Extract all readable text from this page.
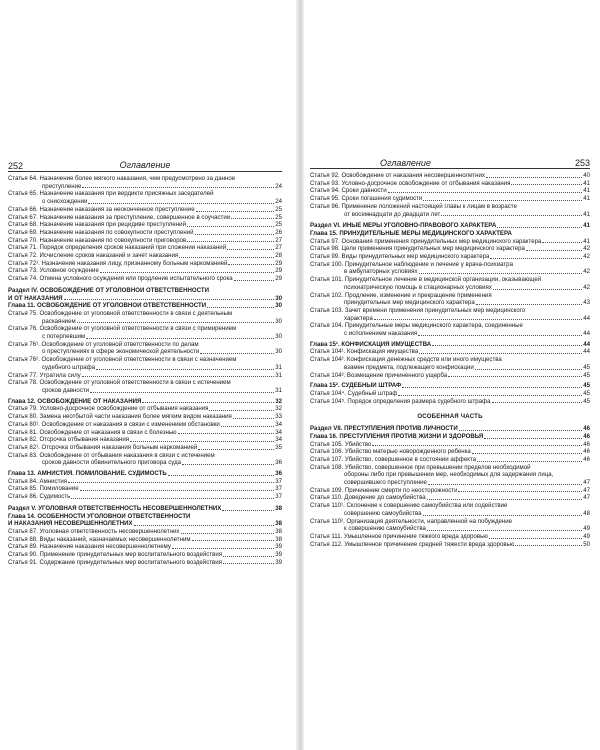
252	Оглавление
Статья 64. Назначение более мягкого наказания, чем предусмотрено за данное
преступление	24
Статья 65. Назначение наказания при вердикте присяжных заседателей
о снисхождении	24
Статья 66. Назначение наказания за неоконченное преступление	25
Статья 67. Назначение наказания за преступление, совершенное в соучастии	25
Статья 68. Назначение наказания при рецидиве преступлений	25
Статья 69. Назначение наказания по совокупности преступлений	26
Статья 70. Назначение наказания по совокупности приговоров	27
Статья 71. Порядок определения сроков наказаний при сложении наказаний	27
Статья 72. Исчисление сроков наказаний и зачет наказания	28
Статья 72¹. Назначение наказания лицу, признанному больным наркоманией	29
Статья 73. Условное осуждение	29
Статья 74. Отмена условного осуждения или продление испытательного срока	29
Раздел IV. ОСВОБОЖДЕНИЕ ОТ УГОЛОВНОЙ ОТВЕТСТВЕННОСТИ
И ОТ НАКАЗАНИЯ	30
Глава 11. ОСВОБОЖДЕНИЕ ОТ УГОЛОВНОЙ ОТВЕТСТВЕННОСТИ	30
Статья 75. Освобождение от уголовной ответственности в связи с деятельным
раскаянием	30
Статья 76. Освобождение от уголовной ответственности в связи с примирением
с потерпевшим	30
Статья 76¹. Освобождение от уголовной ответственности по делам
о преступлениях в сфере экономической деятельности	30
Статья 76². Освобождение от уголовной ответственности в связи с назначением
судебного штрафа	31
Статья 77. Утратила силу	31
Статья 78. Освобождение от уголовной ответственности в связи с истечением
сроков давности	31
Глава 12. ОСВОБОЖДЕНИЕ ОТ НАКАЗАНИЯ	32
Статья 79. Условно-досрочное освобождение от отбывания наказания	32
Статья 80. Замена неотбытой части наказания более мягким видом наказания	33
Статья 80¹. Освобождение от наказания в связи с изменением обстановки	34
Статья 81. Освобождение от наказания в связи с болезнью	34
Статья 82. Отсрочка отбывания наказания	34
Статья 82¹. Отсрочка отбывания наказания больным наркоманией	35
Статья 83. Освобождение от отбывания наказания в связи с истечением
сроков давности обвинительного приговора суда	36
Глава 13. АМНИСТИЯ. ПОМИЛОВАНИЕ. СУДИМОСТЬ	36
Статья 84. Амнистия	37
Статья 85. Помилование	37
Статья 86. Судимость	37
Раздел V. УГОЛОВНАЯ ОТВЕТСТВЕННОСТЬ НЕСОВЕРШЕННОЛЕТНИХ	38
Глава 14. ОСОБЕННОСТИ УГОЛОВНОЙ ОТВЕТСТВЕННОСТИ
И НАКАЗАНИЯ НЕСОВЕРШЕННОЛЕТНИХ	38
Статья 87. Уголовная ответственность несовершеннолетних	38
Статья 88. Виды наказаний, назначаемых несовершеннолетним	38
Статья 89. Назначение наказания несовершеннолетнему	39
Статья 90. Применение принудительных мер воспитательного воздействия	39
Статья 91. Содержание принудительных мер воспитательного воздействия	39
Оглавление	253
Статья 92. Освобождение от наказания несовершеннолетних	40
Статья 93. Условно-досрочное освобождение от отбывания наказания	41
Статья 94. Сроки давности	41
Статья 95. Сроки погашения судимости	41
Статья 96. Применение положений настоящей главы к лицам в возрасте
от восемнадцати до двадцати лет	41
Раздел VI. ИНЫЕ МЕРЫ УГОЛОВНО-ПРАВОВОГО ХАРАКТЕРА	41
Глава 15. ПРИНУДИТЕЛЬНЫЕ МЕРЫ МЕДИЦИНСКОГО ХАРАКТЕРА
Статья 97. Основания применения принудительных мер медицинского характера	41
Статья 98. Цели применения принудительных мер медицинского характера	42
Статья 99. Виды принудительных мер медицинского характера	42
Статья 100. Принудительное наблюдение и лечение у врача-психиатра
в амбулаторных условиях	42
Статья 101. Принудительное лечение в медицинской организации, оказывающей
психиатрическую помощь в стационарных условиях	42
Статья 102. Продление, изменение и прекращение применения
принудительных мер медицинского характера	43
Статья 103. Зачет времени применения принудительных мер медицинского
характера	44
Статья 104. Принудительные меры медицинского характера, соединенные
с исполнением наказания	44
Глава 15¹. КОНФИСКАЦИЯ ИМУЩЕСТВА	44
Статья 104¹. Конфискация имущества	44
Статья 104². Конфискация денежных средств или иного имущества
взамен предмета, подлежащего конфискации	45
Статья 104³. Возмещение причиненного ущерба	45
Глава 15². СУДЕБНЫЙ ШТРАФ	45
Статья 104⁴. Судебный штраф	45
Статья 104⁵. Порядок определения размера судебного штрафа	45
ОСОБЕННАЯ ЧАСТЬ
Раздел VII. ПРЕСТУПЛЕНИЯ ПРОТИВ ЛИЧНОСТИ	46
Глава 16. ПРЕСТУПЛЕНИЯ ПРОТИВ ЖИЗНИ И ЗДОРОВЬЯ	46
Статья 105. Убийство	46
Статья 106. Убийство матерью новорожденного ребенка	46
Статья 107. Убийство, совершенное в состоянии аффекта	46
Статья 108. Убийство, совершенное при превышении пределов необходимой
обороны либо при превышении мер, необходимых для задержания лица,
совершившего преступление	47
Статья 109. Причинение смерти по неосторожности	47
Статья 110. Доведение до самоубийства	47
Статья 110¹. Склонение к совершению самоубийства или содействие
совершению самоубийства	48
Статья 110². Организация деятельности, направленной на побуждение
к совершению самоубийства	49
Статья 111. Умышленное причинение тяжкого вреда здоровью	49
Статья 112. Умышленное причинение средней тяжести вреда здоровью	50
